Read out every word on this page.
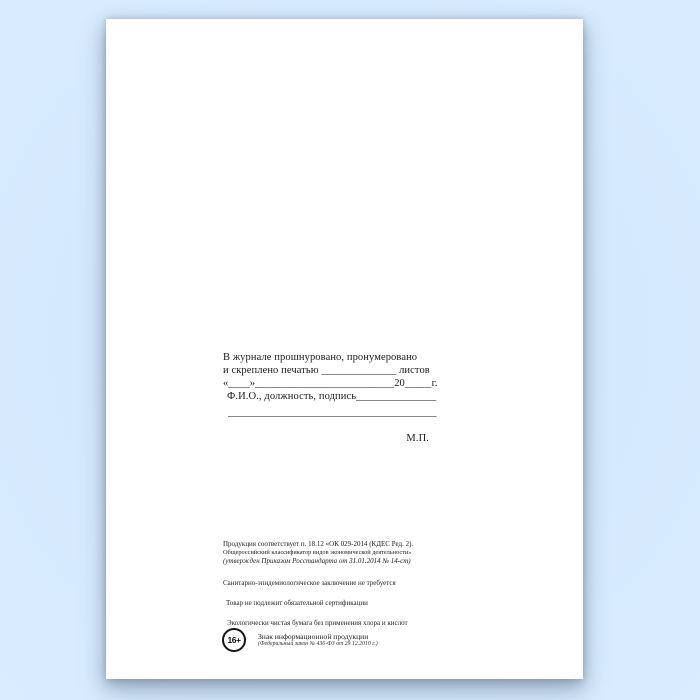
В журнале прошнуровано, пронумеровано
и скреплено печатью ______________ листов
«____»__________________________20_____г.
Ф.И.О., должность, подпись_______________
_______________________________________
М.П.
Продукция соответствует п. 18.12 «ОК 029-2014 (КДЕС Ред. 2).
Общероссийский классификатор видов экономической деятельности»
(утвержден Приказом Росстандарта от 31.01.2014 № 14-ст)
Санитарно-эпидемиологическое заключение не требуется
Товар не подлежит обязательной сертификации
Экологически чистая бумага без применения хлора и кислот
16+	Знак информационной продукции
(Федеральный закон № 436-ФЗ от 29.12.2010 г.)
